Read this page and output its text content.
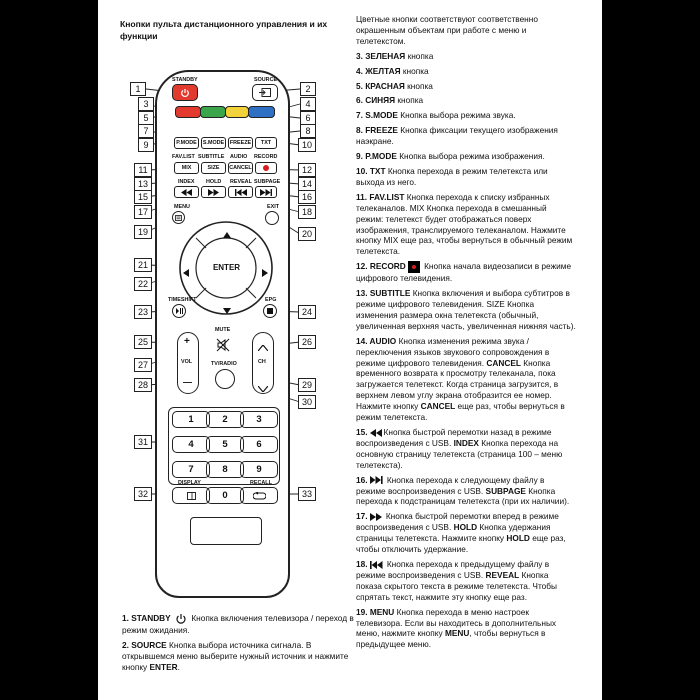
Кнопки пульта дистанционного управления и их функции
STANDBY	SOURCE
P.MODE	S.MODE	FREEZE	TXT
FAV.LIST SUBTITLE AUDIO RECORD
MIX	SIZE	CANCEL
INDEX HOLD REVEAL SUBPAGE
MENU	EXIT
ENTER
TIMESHIFT	EPG
+
VOL
—
MUTE
CH
TV/RADIO
1	2	3
4	5	6
7	8	9
DISPLAY	RECALL
0
1	2
3	4
5	6
7	8
9	10
11	12
13	14
15	16
17	18
19	20
21
22
23	24
25	26
27
28	29
30
31
32	33
1. STANDBY  Кнопка включения телевизора / переход в режим ожидания.
2. SOURCE Кнопка выбора источника сигнала. В открывшемся меню выберите нужный источник и нажмите кнопку ENTER.
Цветные кнопки соответствуют соответственно окрашенным объектам при работе с меню и телетекстом.
3. ЗЕЛЕНАЯ кнопка
4. ЖЕЛТАЯ кнопка
5. КРАСНАЯ кнопка
6. СИНЯЯ кнопка
7. S.MODE Кнопка выбора режима звука.
8. FREEZE Кнопка фиксации текущего изображения наэкране.
9. P.MODE Кнопка выбора режима изображения.
10. TXT Кнопка перехода в режим телетекста или выхода из него.
11. FAV.LIST Кнопка перехода к списку избранных телеканалов. MIX Кнопка перехода в смешанный режим: телетекст будет отображаться поверх изображения, транслируемого телеканалом. Нажмите кнопку MIX еще раз, чтобы вернуться в обычный режим телетекста.
12. RECORD Кнопка начала видеозаписи в режиме цифрового телевидения.
13. SUBTITLE Кнопка включения и выбора субтитров в режиме цифрового телевидения. SIZE Кнопка изменения размера окна телетекста (обычный, увеличенная верхняя часть, увеличенная нижняя часть).
14. AUDIO Кнопка изменения режима звука / переключения языков звукового сопровождения в режиме цифрового телевидения. CANCEL Кнопка временного возврата к просмотру телеканала, пока загружается телетекст. Когда страница загрузится, в верхнем левом углу экрана отобразится ее номер. Нажмите кнопку CANCEL еще раз, чтобы вернуться в режим телетекста.
15. Кнопка быстрой перемотки назад в режиме воспроизведения с USB. INDEX Кнопка перехода на основную страницу телетекста (страница 100 – меню телетекста).
16. Кнопка перехода к следующему файлу в режиме воспроизведения с USB. SUBPAGE Кнопка перехода к подстраницам телетекста (при их наличии).
17. Кнопка быстрой перемотки вперед в режиме воспроизведения с USB. HOLD Кнопка удержания страницы телетекста. Нажмите кнопку HOLD еще раз, чтобы отключить удержание.
18. Кнопка перехода к предыдущему файлу в режиме воспроизведения с USB. REVEAL Кнопка показа скрытого текста в режиме телетекста. Чтобы спрятать текст, нажмите эту кнопку еще раз.
19. MENU Кнопка перехода в меню настроек телевизора. Если вы находитесь в дополнительных меню, нажмите кнопку MENU, чтобы вернуться в предыдущее меню.
